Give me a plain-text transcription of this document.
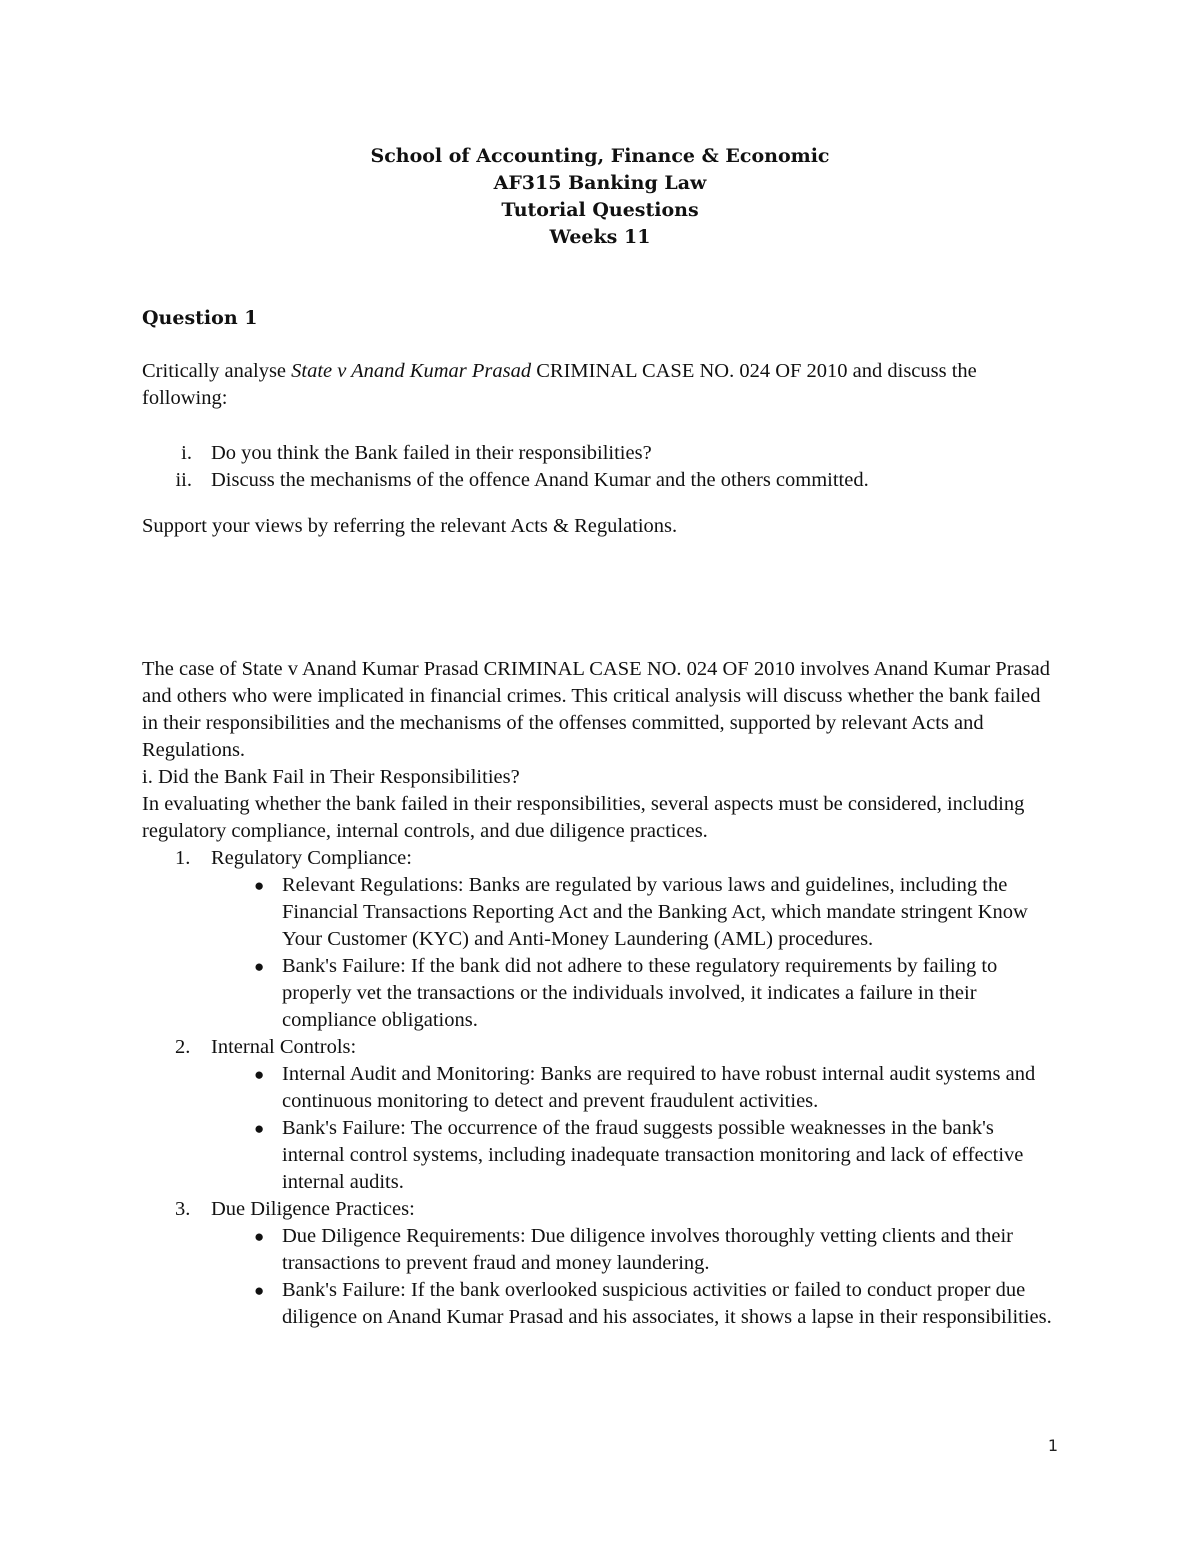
School of Accounting, Finance & Economic
AF315 Banking Law
Tutorial Questions
Weeks 11
Question 1
Critically analyse State v Anand Kumar Prasad CRIMINAL CASE NO. 024 OF 2010 and discuss the following:
i. Do you think the Bank failed in their responsibilities?
ii. Discuss the mechanisms of the offence Anand Kumar and the others committed.
Support your views by referring the relevant Acts & Regulations.

The case of State v Anand Kumar Prasad CRIMINAL CASE NO. 024 OF 2010 involves Anand Kumar Prasad and others who were implicated in financial crimes. This critical analysis will discuss whether the bank failed in their responsibilities and the mechanisms of the offenses committed, supported by relevant Acts and Regulations.

i. Did the Bank Fail in Their Responsibilities?

In evaluating whether the bank failed in their responsibilities, several aspects must be considered, including regulatory compliance, internal controls, and due diligence practices.

1. Regulatory Compliance:
● Relevant Regulations: Banks are regulated by various laws and guidelines, including the Financial Transactions Reporting Act and the Banking Act, which mandate stringent Know Your Customer (KYC) and Anti-Money Laundering (AML) procedures.
● Bank's Failure: If the bank did not adhere to these regulatory requirements by failing to properly vet the transactions or the individuals involved, it indicates a failure in their compliance obligations.
2. Internal Controls:
● Internal Audit and Monitoring: Banks are required to have robust internal audit systems and continuous monitoring to detect and prevent fraudulent activities.
● Bank's Failure: The occurrence of the fraud suggests possible weaknesses in the bank's internal control systems, including inadequate transaction monitoring and lack of effective internal audits.
3. Due Diligence Practices:
● Due Diligence Requirements: Due diligence involves thoroughly vetting clients and their transactions to prevent fraud and money laundering.
● Bank's Failure: If the bank overlooked suspicious activities or failed to conduct proper due diligence on Anand Kumar Prasad and his associates, it shows a lapse in their responsibilities.
1
